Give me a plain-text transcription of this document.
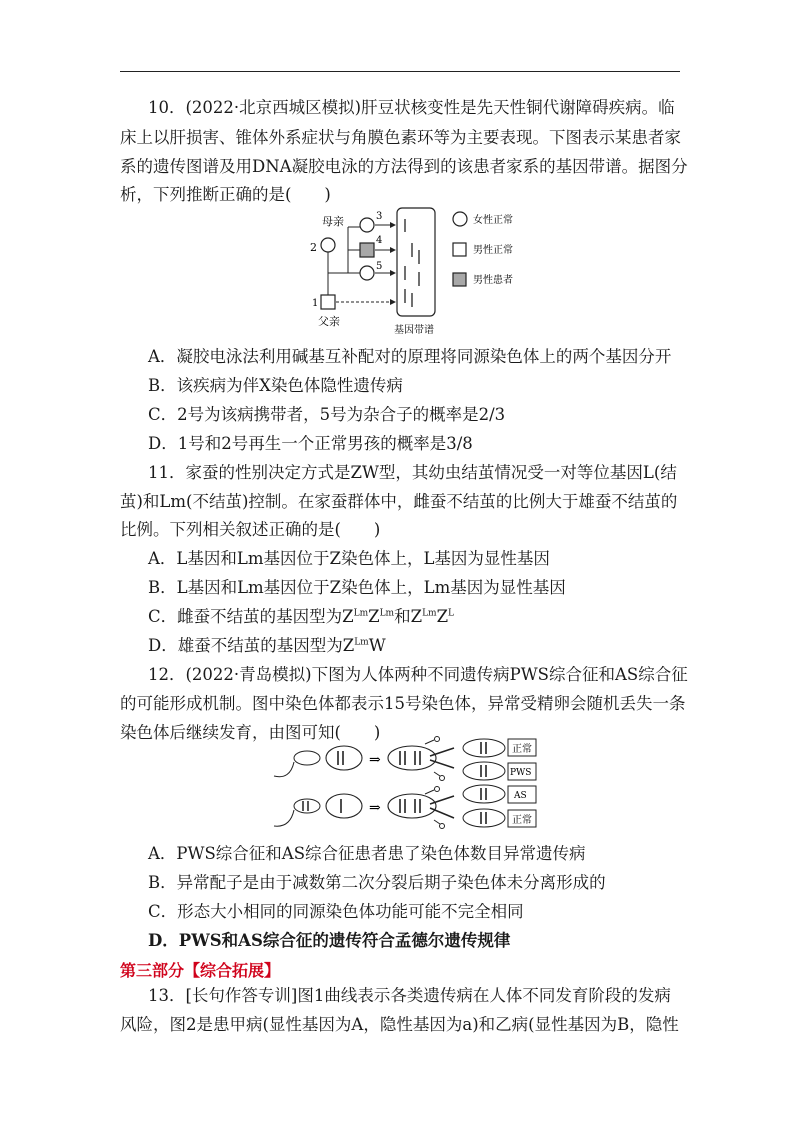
10．(2022·北京西城区模拟)肝豆状核变性是先天性铜代谢障碍疾病。临
床上以肝损害、锥体外系症状与角膜色素环等为主要表现。下图表示某患者家
系的遗传图谱及用DNA凝胶电泳的方法得到的该患者家系的基因带谱。据图分
析，下列推断正确的是(　　)
母亲
2
3
4
5
1
父亲
基因带谱
女性正常
男性正常
男性患者
A．凝胶电泳法利用碱基互补配对的原理将同源染色体上的两个基因分开
B．该疾病为伴X染色体隐性遗传病
C．2号为该病携带者，5号为杂合子的概率是2/3
D．1号和2号再生一个正常男孩的概率是3/8
11．家蚕的性别决定方式是ZW型，其幼虫结茧情况受一对等位基因L(结
茧)和Lm(不结茧)控制。在家蚕群体中，雌蚕不结茧的比例大于雄蚕不结茧的
比例。下列相关叙述正确的是(　　)
A．L基因和Lm基因位于Z染色体上，L基因为显性基因
B．L基因和Lm基因位于Z染色体上，Lm基因为显性基因
C．雌蚕不结茧的基因型为$Z^{Lm}Z^{Lm}$和$Z^{Lm}Z^L$
D．雄蚕不结茧的基因型为$Z^{Lm}W$
12．(2022·青岛模拟)下图为人体两种不同遗传病PWS综合征和AS综合征
的可能形成机制。图中染色体都表示15号染色体，异常受精卵会随机丢失一条
染色体后继续发育，由图可知(　　)
⇒
正常
PWS
⇒
AS
正常
A．PWS综合征和AS综合征患者患了染色体数目异常遗传病
B．异常配子是由于减数第二次分裂后期子染色体未分离形成的
C．形态大小相同的同源染色体功能可能不完全相同
D．PWS和AS综合征的遗传符合孟德尔遗传规律
第三部分【综合拓展】
13．[长句作答专训]图1曲线表示各类遗传病在人体不同发育阶段的发病
风险，图2是患甲病(显性基因为A，隐性基因为a)和乙病(显性基因为B，隐性
